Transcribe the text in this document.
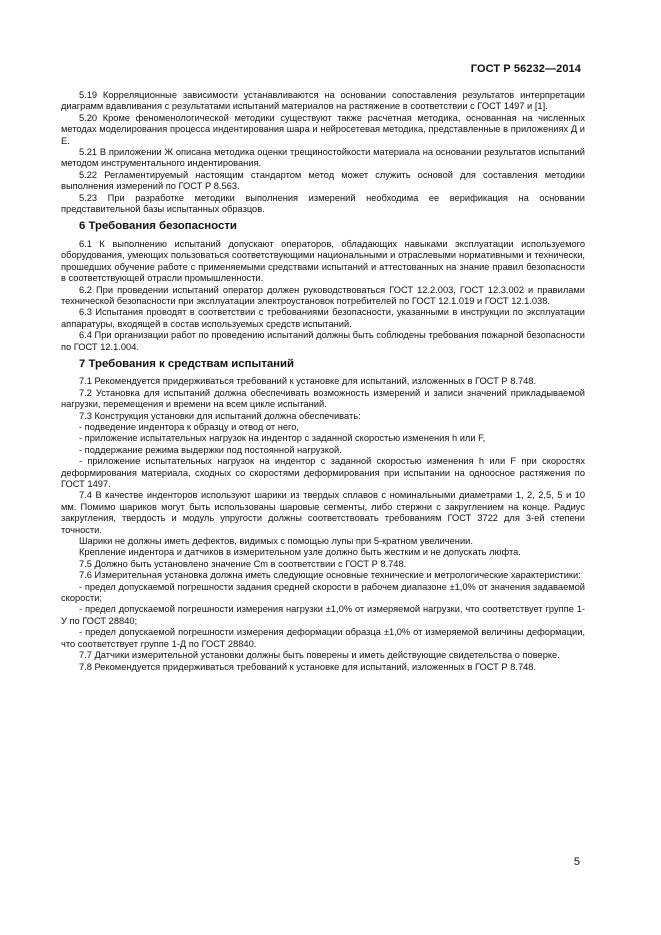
ГОСТ Р 56232—2014

5.19 Корреляционные зависимости устанавливаются на основании сопоставления результатов интерпретации диаграмм вдавливания с результатами испытаний материалов на растяжение в соответствии с ГОСТ 1497 и [1].

5.20 Кроме феноменологической методики существуют также расчетная методика, основанная на численных методах моделирования процесса индентирования шара и нейросетевая методика, представленные в приложениях Д и Е.

5.21 В приложении Ж описана методика оценки трещиностойкости материала на основании результатов испытаний методом инструментального индентирования.

5.22 Регламентируемый настоящим стандартом метод может служить основой для составления методики выполнения измерений по ГОСТ Р 8.563.

5.23 При разработке методики выполнения измерений необходима ее верификация на основании представительной базы испытанных образцов.

6 Требования безопасности

6.1 К выполнению испытаний допускают операторов, обладающих навыками эксплуатации используемого оборудования, умеющих пользоваться соответствующими национальными и отраслевыми нормативными и технически, прошедших обучение работе с применяемыми средствами испытаний и аттестованных на знание правил безопасности в соответствующей отрасли промышленности.

6.2 При проведении испытаний оператор должен руководствоваться ГОСТ 12.2.003, ГОСТ 12.3.002 и правилами технической безопасности при эксплуатации электроустановок потребителей по ГОСТ 12.1.019 и ГОСТ 12.1.038.

6.3 Испытания проводят в соответствии с требованиями безопасности, указанными в инструкции по эксплуатации аппаратуры, входящей в состав используемых средств испытаний.

6.4 При организации работ по проведению испытаний должны быть соблюдены требования пожарной безопасности по ГОСТ 12.1.004.

7 Требования к средствам испытаний

7.1 Рекомендуется придерживаться требований к установке для испытаний, изложенных в ГОСТ Р 8.748.

7.2 Установка для испытаний должна обеспечивать возможность измерений и записи значений прикладываемой нагрузки, перемещения и времени на всем цикле испытаний.

7.3 Конструкция установки для испытаний должна обеспечивать:

- подведение индентора к образцу и отвод от него,

- приложение испытательных нагрузок на индентор с заданной скоростью изменения h или F,

- поддержание режима выдержки под постоянной нагрузкой.

- приложение испытательных нагрузок на индентор с заданной скоростью изменения h или F при скоростях деформирования материала, сходных со скоростями деформирования при испытании на одноосное растяжения по ГОСТ 1497.

7.4 В качестве инденторов используют шарики из твердых сплавов с номинальными диаметрами 1, 2, 2,5, 5 и 10 мм. Помимо шариков могут быть использованы шаровые сегменты, либо стержни с закруглением на конце. Радиус закругления, твердость и модуль упругости должны соответствовать требованиям ГОСТ 3722 для 3-ей степени точности.

Шарики не должны иметь дефектов, видимых с помощью лупы при 5-кратном увеличении.

Крепление индентора и датчиков в измерительном узле должно быть жестким и не допускать люфта.

7.5 Должно быть установлено значение Cm в соответствии с ГОСТ Р 8.748.

7.6 Измерительная установка должна иметь следующие основные технические и метрологические характеристики:

- предел допускаемой погрешности задания средней скорости в рабочем диапазоне ±1,0% от значения задаваемой скорости;

- предел допускаемой погрешности измерения нагрузки ±1,0% от измеряемой нагрузки, что соответствует группе 1-У по ГОСТ 28840;

- предел допускаемой погрешности измерения деформации образца ±1,0% от измеряемой величины деформации, что соответствует группе 1-Д по ГОСТ 28840.

7.7 Датчики измерительной установки должны быть поверены и иметь действующие свидетельства о поверке.

7.8 Рекомендуется придерживаться требований к установке для испытаний, изложенных в ГОСТ Р 8.748.

5
